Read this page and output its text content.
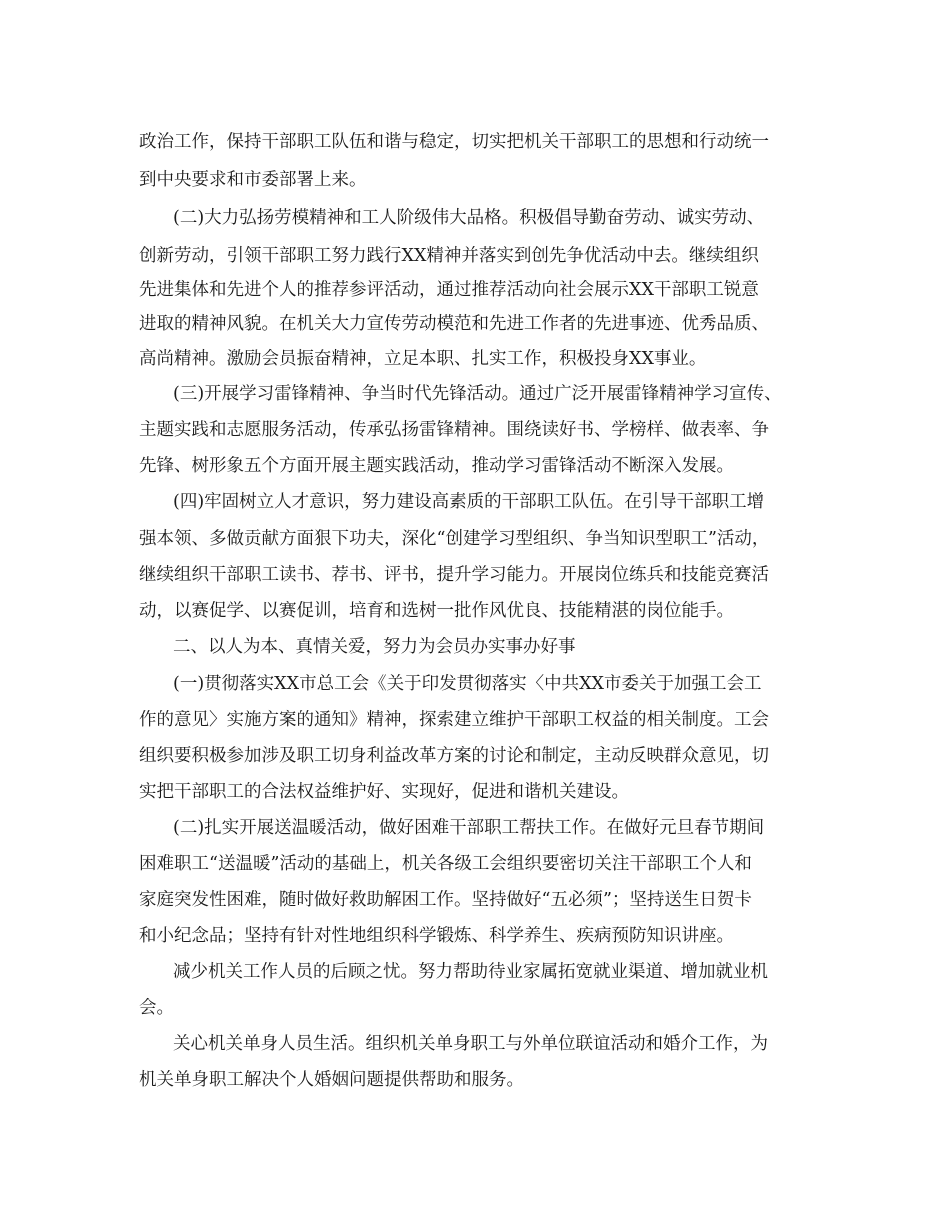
政治工作，保持干部职工队伍和谐与稳定，切实把机关干部职工的思想和行动统一
到中央要求和市委部署上来。
(二)大力弘扬劳模精神和工人阶级伟大品格。积极倡导勤奋劳动、诚实劳动、
创新劳动，引领干部职工努力践行XX精神并落实到创先争优活动中去。继续组织
先进集体和先进个人的推荐参评活动，通过推荐活动向社会展示XX干部职工锐意
进取的精神风貌。在机关大力宣传劳动模范和先进工作者的先进事迹、优秀品质、
高尚精神。激励会员振奋精神，立足本职、扎实工作，积极投身XX事业。
(三)开展学习雷锋精神、争当时代先锋活动。通过广泛开展雷锋精神学习宣传、
主题实践和志愿服务活动，传承弘扬雷锋精神。围绕读好书、学榜样、做表率、争
先锋、树形象五个方面开展主题实践活动，推动学习雷锋活动不断深入发展。
(四)牢固树立人才意识，努力建设高素质的干部职工队伍。在引导干部职工增
强本领、多做贡献方面狠下功夫，深化“创建学习型组织、争当知识型职工”活动，
继续组织干部职工读书、荐书、评书，提升学习能力。开展岗位练兵和技能竞赛活
动，以赛促学、以赛促训，培育和选树一批作风优良、技能精湛的岗位能手。
二、以人为本、真情关爱，努力为会员办实事办好事
(一)贯彻落实XX市总工会《关于印发贯彻落实〈中共XX市委关于加强工会工
作的意见〉实施方案的通知》精神，探索建立维护干部职工权益的相关制度。工会
组织要积极参加涉及职工切身利益改革方案的讨论和制定，主动反映群众意见，切
实把干部职工的合法权益维护好、实现好，促进和谐机关建设。
(二)扎实开展送温暖活动，做好困难干部职工帮扶工作。在做好元旦春节期间
困难职工“送温暖”活动的基础上，机关各级工会组织要密切关注干部职工个人和
家庭突发性困难，随时做好救助解困工作。坚持做好“五必须”；坚持送生日贺卡
和小纪念品；坚持有针对性地组织科学锻炼、科学养生、疾病预防知识讲座。
减少机关工作人员的后顾之忧。努力帮助待业家属拓宽就业渠道、增加就业机
会。
关心机关单身人员生活。组织机关单身职工与外单位联谊活动和婚介工作，为
机关单身职工解决个人婚姻问题提供帮助和服务。
